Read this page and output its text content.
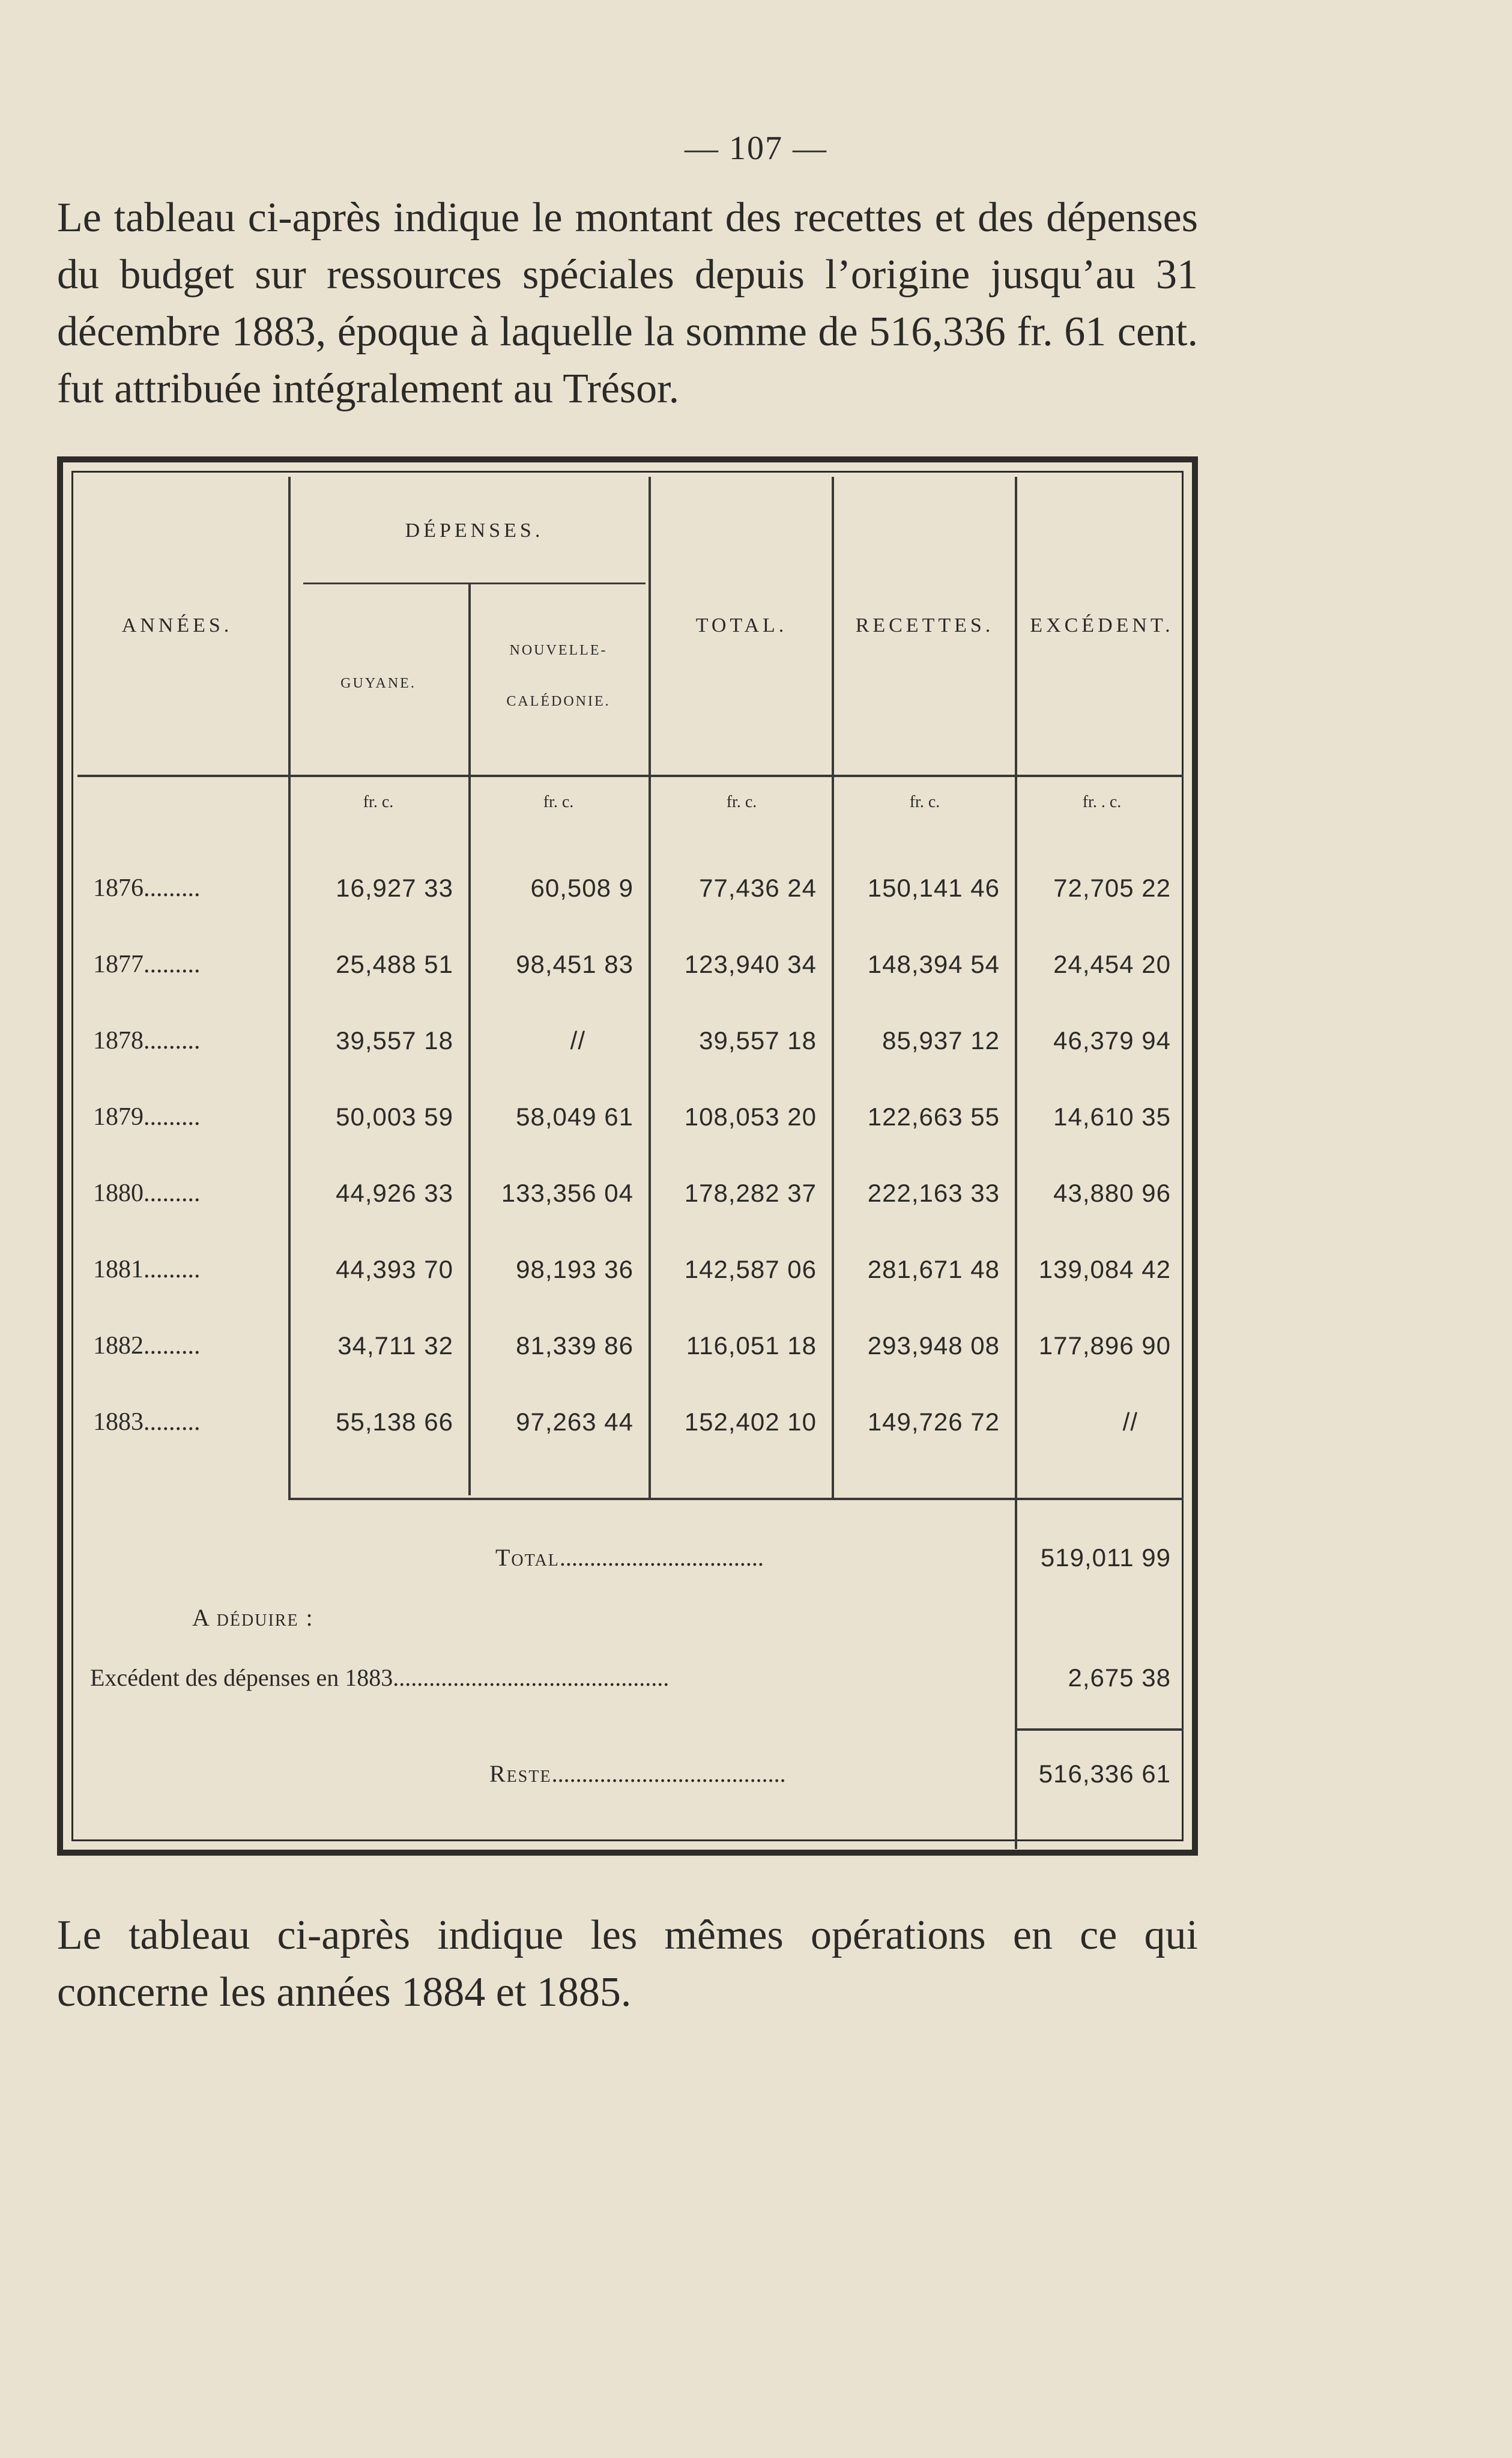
— 107 —

Le tableau ci-après indique le montant des recettes et des dépenses du budget sur ressources spéciales depuis l’origine jusqu’au 31 décembre 1883, époque à laquelle la somme de 516,336 fr. 61 cent. fut attribuée intégralement au Trésor.

ANNÉES.
DÉPENSES.
GUYANE.
NOUVELLE-
CALÉDONIE.
TOTAL.	RECETTES.	EXCÉDENT.
fr. c.	fr. c.	fr. c.	fr. c.	fr. . c.
1876.........	16,927 33	60,508 9	77,436 24	150,141 46	72,705 22
1877.........	25,488 51	98,451 83	123,940 34	148,394 54	24,454 20
1878.........	39,557 18	//	39,557 18	85,937 12	46,379 94
1879.........	50,003 59	58,049 61	108,053 20	122,663 55	14,610 35
1880.........	44,926 33	133,356 04	178,282 37	222,163 33	43,880 96
1881.........	44,393 70	98,193 36	142,587 06	281,671 48	139,084 42
1882.........	34,711 32	81,339 86	116,051 18	293,948 08	177,896 90
1883.........	55,138 66	97,263 44	152,402 10	149,726 72	//
Total..................................	519,011 99
A déduire :
Excédent des dépenses en 1883..............................................	2,675 38
Reste.......................................	516,336 61

Le tableau ci-après indique les mêmes opérations en ce qui concerne les années 1884 et 1885.
